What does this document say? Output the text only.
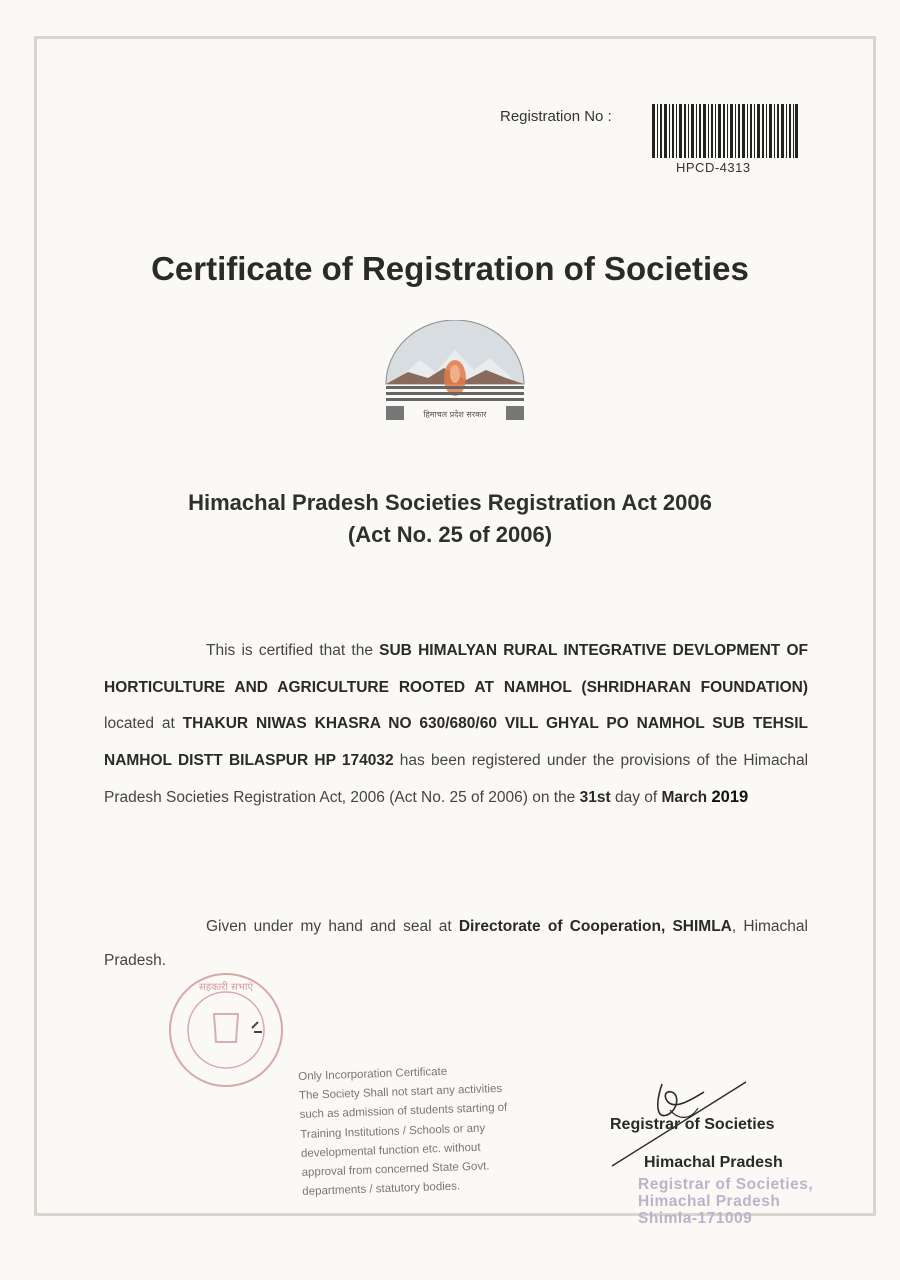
Registration No :
HPCD-4313
Certificate of Registration of Societies
हिमाचल प्रदेश सरकार
Himachal Pradesh Societies Registration Act 2006
(Act No. 25 of 2006)
This is certified that the SUB HIMALYAN RURAL INTEGRATIVE DEVLOPMENT OF HORTICULTURE AND AGRICULTURE ROOTED AT NAMHOL (SHRIDHARAN FOUNDATION) located at THAKUR NIWAS KHASRA NO 630/680/60 VILL GHYAL PO NAMHOL SUB TEHSIL NAMHOL DISTT BILASPUR HP 174032 has been registered under the provisions of the Himachal Pradesh Societies Registration Act, 2006 (Act No. 25 of 2006) on the 31st day of March 2019
Given under my hand and seal at Directorate of Cooperation, SHIMLA, Himachal Pradesh.
सहकारी सभाएं
Only Incorporation Certificate
The Society Shall not start any activities
such as admission of students starting of
Training Institutions / Schools or any
developmental function etc. without
approval from concerned State Govt.
departments / statutory bodies.
Registrar of Societies
Himachal Pradesh
Registrar of Societies,
Himachal Pradesh
Shimla-171009
